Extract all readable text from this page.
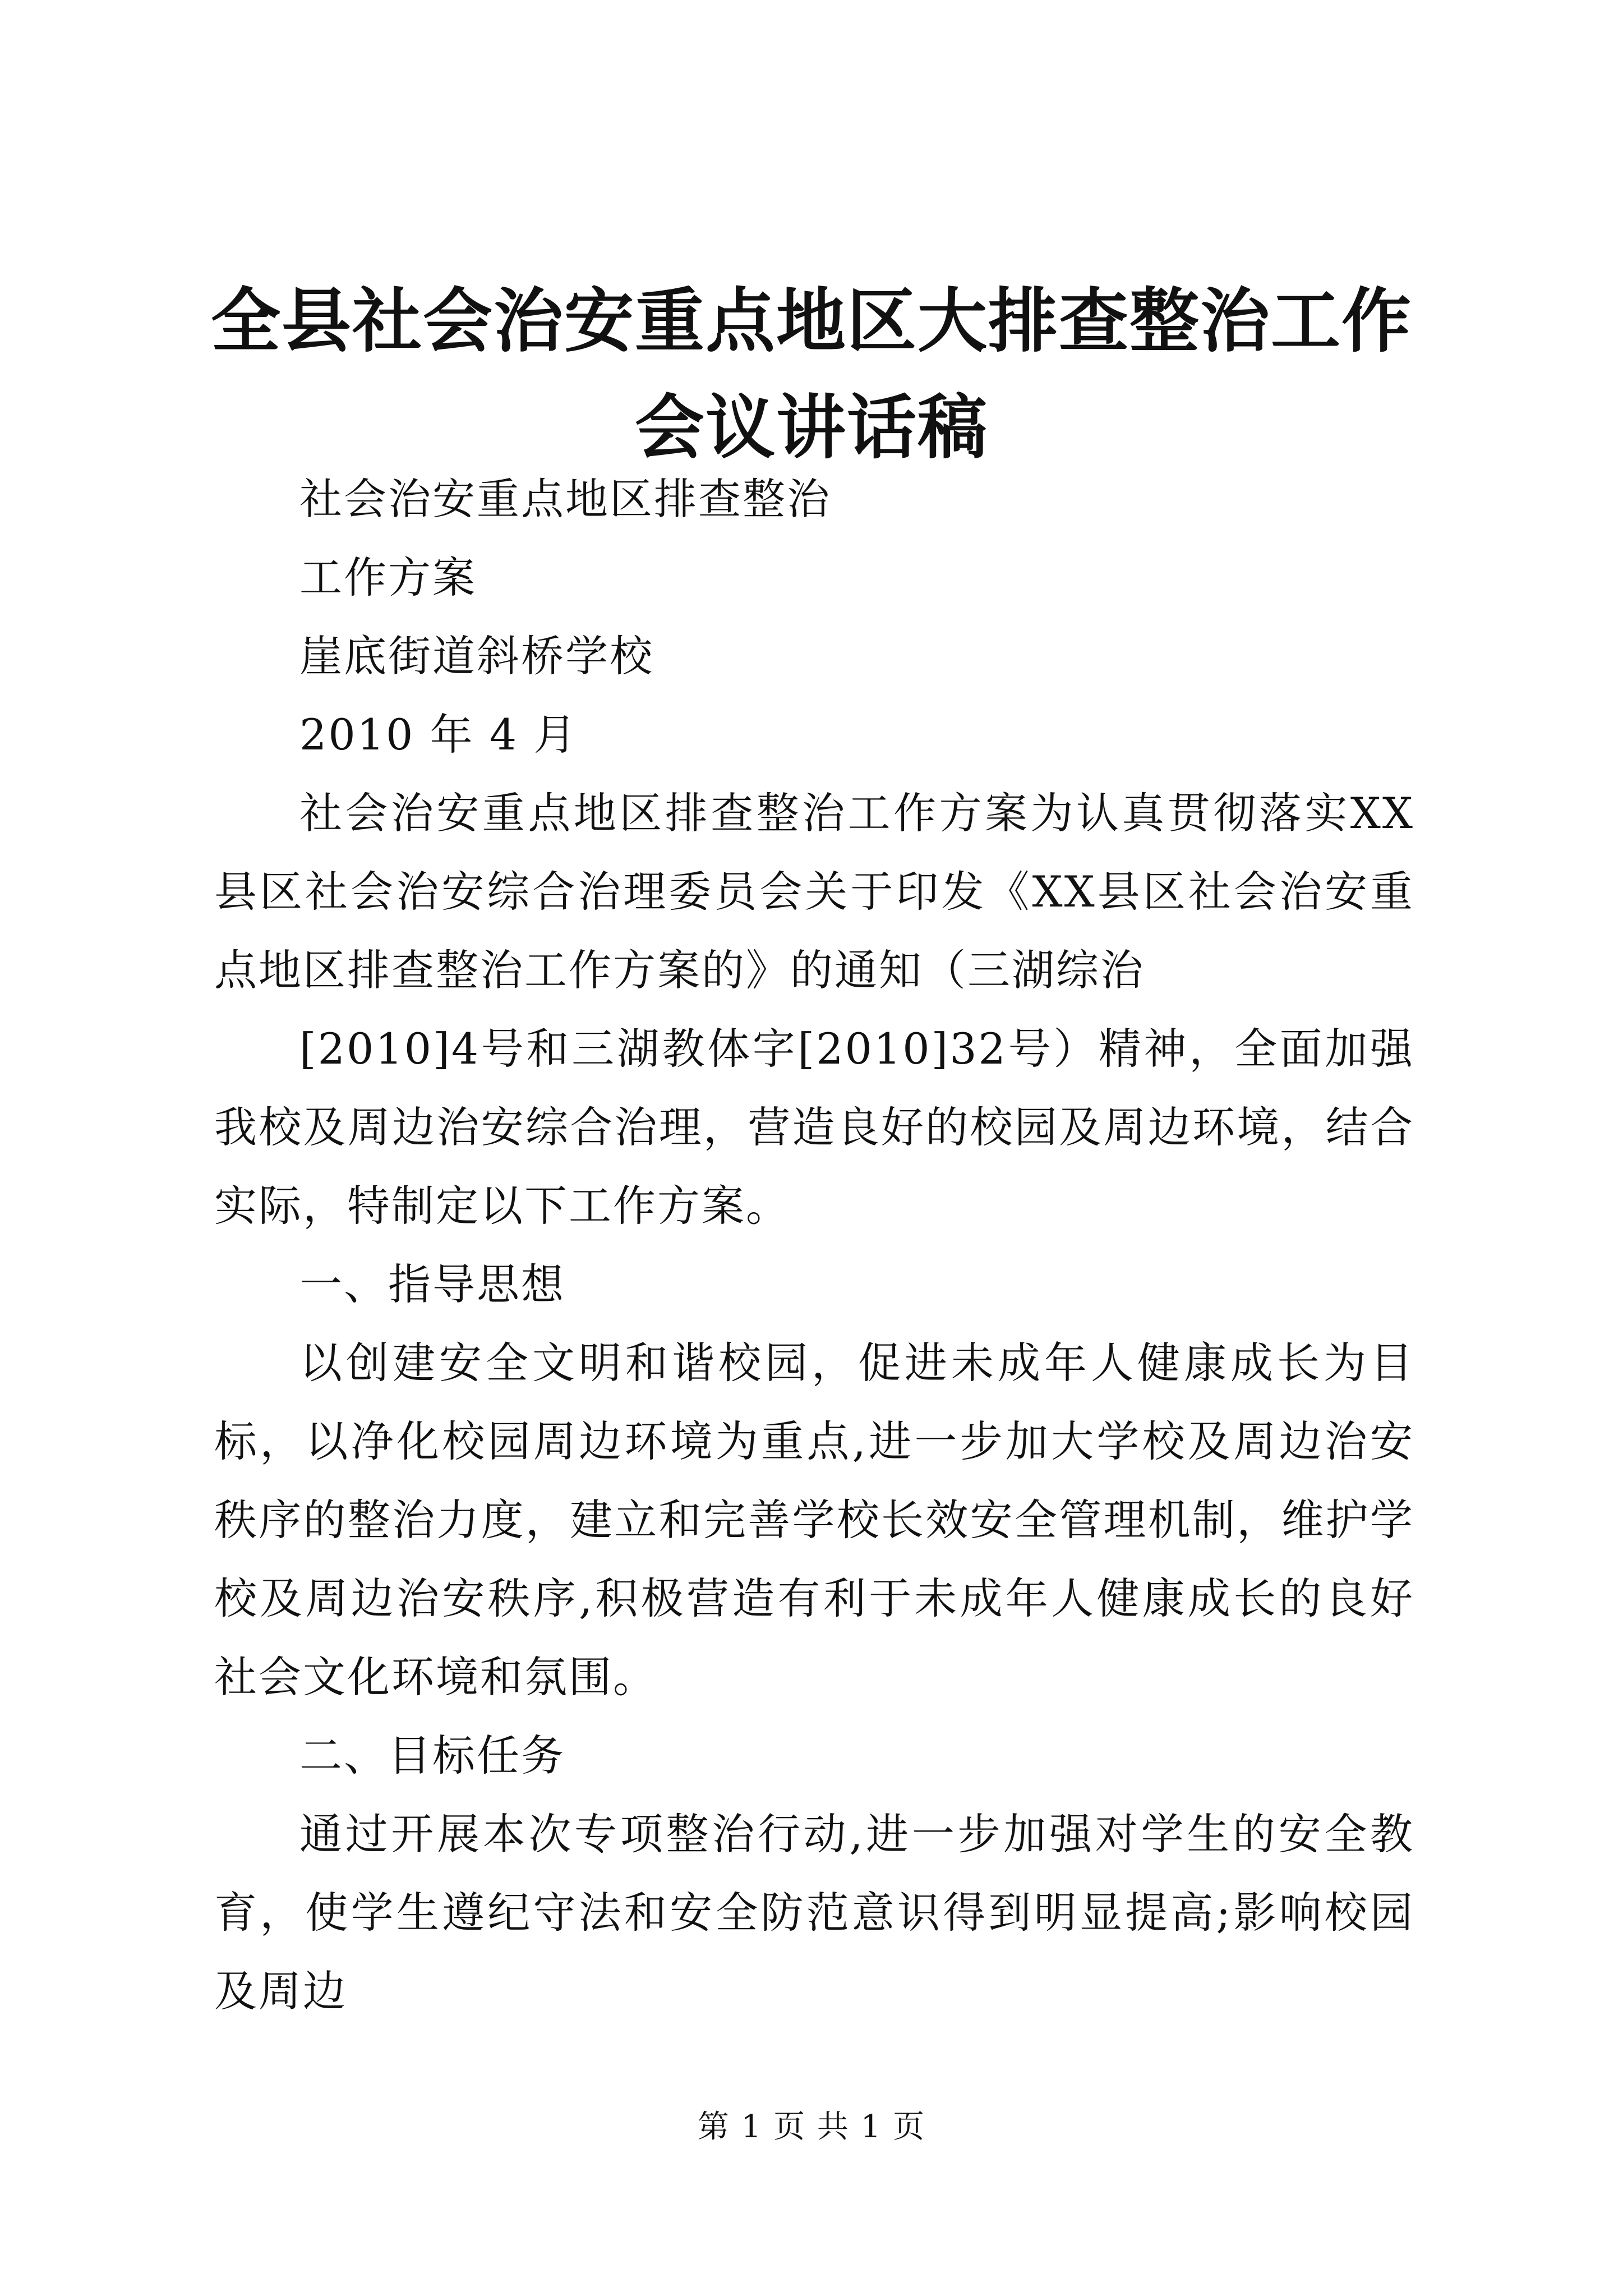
全县社会治安重点地区大排查整治工作会议讲话稿

社会治安重点地区排查整治

工作方案

崖底街道斜桥学校

2010 年 4 月

社会治安重点地区排查整治工作方案为认真贯彻落实XX县区社会治安综合治理委员会关于印发《XX县区社会治安重点地区排查整治工作方案的》的通知（三湖综治

[2010]4号和三湖教体字[2010]32号）精神，全面加强我校及周边治安综合治理，营造良好的校园及周边环境，结合实际，特制定以下工作方案。

一、指导思想

以创建安全文明和谐校园，促进未成年人健康成长为目标，以净化校园周边环境为重点,进一步加大学校及周边治安秩序的整治力度，建立和完善学校长效安全管理机制，维护学校及周边治安秩序,积极营造有利于未成年人健康成长的良好社会文化环境和氛围。

二、目标任务

通过开展本次专项整治行动,进一步加强对学生的安全教育，使学生遵纪守法和安全防范意识得到明显提高;影响校园及周边

第 1 页 共 1 页
